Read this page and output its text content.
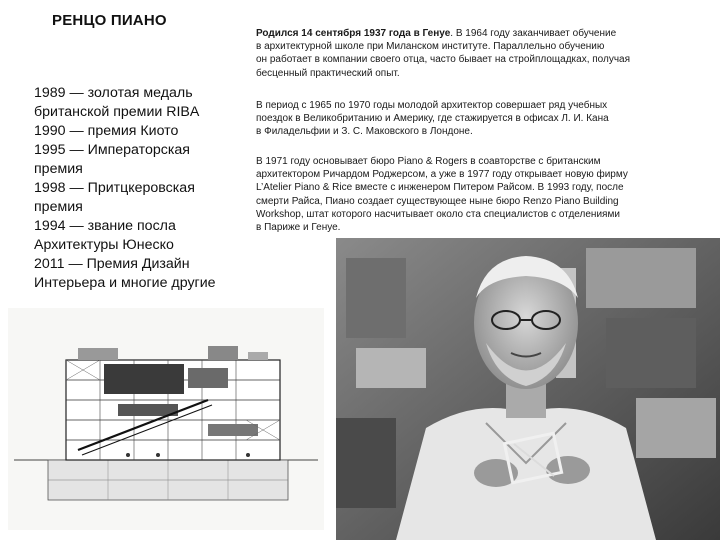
РЕНЦО ПИАНО
1989 — золотая медаль
британской премии RIBA
1990 — премия Киото
1995 — Императорская
премия
1998 — Притцкеровская
премия
1994 — звание посла
Архитектуры Юнеско
2011 — Премия Дизайн
Интерьера и многие другие
Родился 14 сентября 1937 года в Генуе. В 1964 году заканчивает обучение
в архитектурной школе при Миланском институте. Параллельно обучению
он работает в компании своего отца, часто бывает на стройплощадках, получая
бесценный практический опыт.
В период с 1965 по 1970 годы молодой архитектор совершает ряд учебных
поездок в Великобританию и Америку, где стажируется в офисах Л. И. Кана
в Филадельфии и З. С. Маковского в Лондоне.
В 1971 году основывает бюро Piano & Rogers в соавторстве с британским
архитектором Ричардом Роджерсом, а уже в 1977 году открывает новую фирму
L’Atelier Piano & Rice вместе с инженером Питером Райсом. В 1993 году, после
смерти Райса, Пиано создает существующее ныне бюро Renzo Piano Building
Workshop, штат которого насчитывает около ста специалистов с отделениями
в Париже и Генуе.
